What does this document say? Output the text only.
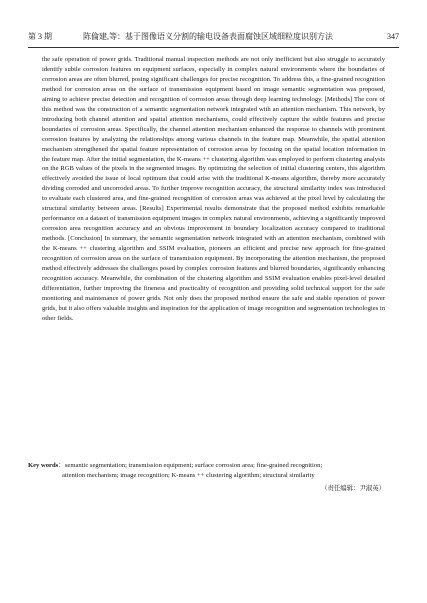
第 3 期	陈倫建,等：基于图像语义分割的输电设备表面腐蚀区域细粒度识别方法	347
the safe operation of power grids. Traditional manual inspection methods are not only inefficient but also struggle to accurately identify subtle corrosion features on equipment surfaces, especially in complex natural environments where the boundaries of corrosion areas are often blurred, posing significant challenges for precise recognition. To address this, a fine-grained recognition method for corrosion areas on the surface of transmission equipment based on image semantic segmentation was proposed, aiming to achieve precise detection and recognition of corrosion areas through deep learning technology. [Methods] The core of this method was the construction of a semantic segmentation network integrated with an attention mechanism. This network, by introducing both channel attention and spatial attention mechanisms, could effectively capture the subtle features and precise boundaries of corrosion areas. Specifically, the channel attention mechanism enhanced the response to channels with prominent corrosion features by analyzing the relationships among various channels in the feature map. Meanwhile, the spatial attention mechanism strengthened the spatial feature representation of corrosion areas by focusing on the spatial location information in the feature map. After the initial segmentation, the K-means ++ clustering algorithm was employed to perform clustering analysis on the RGB values of the pixels in the segmented images. By optimizing the selection of initial clustering centers, this algorithm effectively avoided the issue of local optimum that could arise with the traditional K-means algorithm, thereby more accurately dividing corroded and uncorroded areas. To further improve recognition accuracy, the structural similarity index was introduced to evaluate each clustered area, and fine-grained recognition of corrosion areas was achieved at the pixel level by calculating the structural similarity between areas. [Results] Experimental results demonstrate that the proposed method exhibits remarkable performance on a dataset of transmission equipment images in complex natural environments, achieving a significantly improved corrosion area recognition accuracy and an obvious improvement in boundary localization accuracy compared to traditional methods. [Conclusion] In summary, the semantic segmentation network integrated with an attention mechanism, combined with the K-means ++ clustering algorithm and SSIM evaluation, pioneers an efficient and precise new approach for fine-grained recognition of corrosion areas on the surface of transmission equipment. By incorporating the attention mechanism, the proposed method effectively addresses the challenges posed by complex corrosion features and blurred boundaries, significantly enhancing recognition accuracy. Meanwhile, the combination of the clustering algorithm and SSIM evaluation enables pixel-level detailed differentiation, further improving the fineness and practicality of recognition and providing solid technical support for the safe monitoring and maintenance of power grids. Not only does the proposed method ensure the safe and stable operation of power grids, but it also offers valuable insights and inspiration for the application of image recognition and segmentation technologies in other fields.
Key words：semantic segmentation; transmission equipment; surface corrosion area; fine-grained recognition;
attention mechanism; image recognition; K-means ++ clustering algorithm; structural similarity
（责任编辑：尹淑英）
